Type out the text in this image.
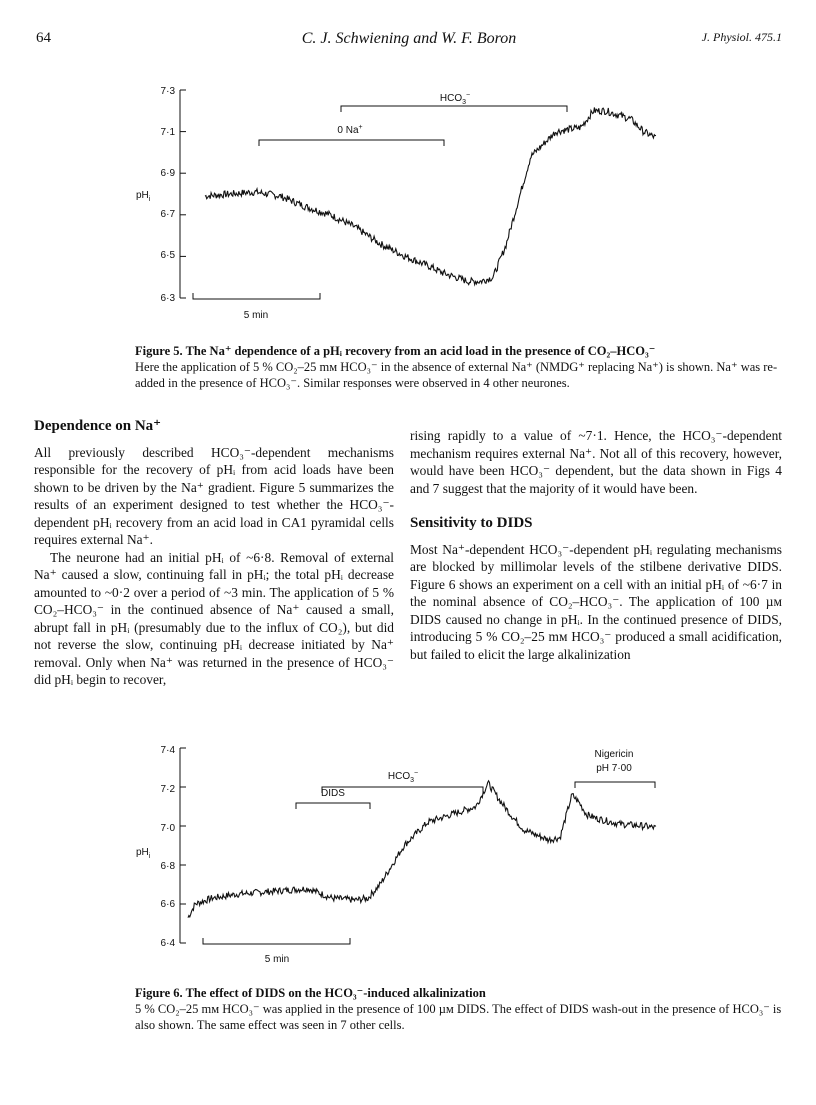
64	C. J. Schwiening and W. F. Boron	J. Physiol. 475.1
7·3
7·1
6·9
6·7
6·5
6·3
$pH_i$
0 Na+
$HCO_3^-$
5 min
Figure 5. The Na⁺ dependence of a pHᵢ recovery from an acid load in the presence of CO₂–HCO₃⁻
Here the application of 5 % CO₂–25 mᴍ HCO₃⁻ in the absence of external Na⁺ (NMDG⁺ replacing Na⁺) is shown. Na⁺ was re-added in the presence of HCO₃⁻. Similar responses were observed in 4 other neurones.
Dependence on Na⁺

All previously described HCO₃⁻-dependent mechanisms responsible for the recovery of pHᵢ from acid loads have been shown to be driven by the Na⁺ gradient. Figure 5 summarizes the results of an experiment designed to test whether the HCO₃⁻-dependent pHᵢ recovery from an acid load in CA1 pyramidal cells requires external Na⁺.

The neurone had an initial pHᵢ of ~6·8. Removal of external Na⁺ caused a slow, continuing fall in pHᵢ; the total pHᵢ decrease amounted to ~0·2 over a period of ~3 min. The application of 5 % CO₂–HCO₃⁻ in the continued absence of Na⁺ caused a small, abrupt fall in pHᵢ (presumably due to the influx of CO₂), but did not reverse the slow, continuing pHᵢ decrease initiated by Na⁺ removal. Only when Na⁺ was returned in the presence of HCO₃⁻ did pHᵢ begin to recover,

rising rapidly to a value of ~7·1. Hence, the HCO₃⁻-dependent mechanism requires external Na⁺. Not all of this recovery, however, would have been HCO₃⁻ dependent, but the data shown in Figs 4 and 7 suggest that the majority of it would have been.

Sensitivity to DIDS

Most Na⁺-dependent HCO₃⁻-dependent pHᵢ regulating mechanisms are blocked by millimolar levels of the stilbene derivative DIDS. Figure 6 shows an experiment on a cell with an initial pHᵢ of ~6·7 in the nominal absence of CO₂–HCO₃⁻. The application of 100 µᴍ DIDS caused no change in pHᵢ. In the continued presence of DIDS, introducing 5 % CO₂–25 mᴍ HCO₃⁻ produced a small acidification, but failed to elicit the large alkalinization

7·4
7·2
7·0
6·8
6·6
6·4
$pH_i$
DIDS
$HCO_3^-$
Nigericin
pH 7·00
5 min
Figure 6. The effect of DIDS on the HCO₃⁻-induced alkalinization
5 % CO₂–25 mᴍ HCO₃⁻ was applied in the presence of 100 µᴍ DIDS. The effect of DIDS wash-out in the presence of HCO₃⁻ is also shown. The same effect was seen in 7 other cells.
